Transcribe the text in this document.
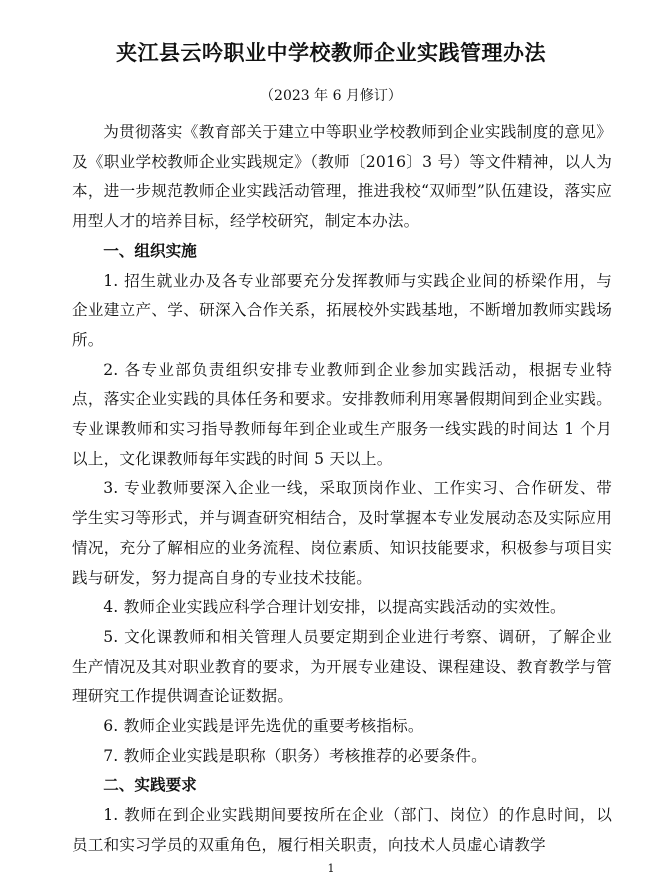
夹江县云吟职业中学校教师企业实践管理办法

（2023 年 6 月修订）

为贯彻落实《教育部关于建立中等职业学校教师到企业实践制度的意见》及《职业学校教师企业实践规定》（教师〔2016〕3 号）等文件精神，以人为本，进一步规范教师企业实践活动管理，推进我校“双师型”队伍建设，落实应用型人才的培养目标，经学校研究，制定本办法。

一、组织实施

1. 招生就业办及各专业部要充分发挥教师与实践企业间的桥梁作用，与企业建立产、学、研深入合作关系，拓展校外实践基地，不断增加教师实践场所。

2. 各专业部负责组织安排专业教师到企业参加实践活动，根据专业特点，落实企业实践的具体任务和要求。安排教师利用寒暑假期间到企业实践。专业课教师和实习指导教师每年到企业或生产服务一线实践的时间达 1 个月以上，文化课教师每年实践的时间 5 天以上。

3. 专业教师要深入企业一线，采取顶岗作业、工作实习、合作研发、带学生实习等形式，并与调查研究相结合，及时掌握本专业发展动态及实际应用情况，充分了解相应的业务流程、岗位素质、知识技能要求，积极参与项目实践与研发，努力提高自身的专业技术技能。

4. 教师企业实践应科学合理计划安排，以提高实践活动的实效性。

5. 文化课教师和相关管理人员要定期到企业进行考察、调研，了解企业生产情况及其对职业教育的要求，为开展专业建设、课程建设、教育教学与管理研究工作提供调查论证数据。

6. 教师企业实践是评先选优的重要考核指标。

7. 教师企业实践是职称（职务）考核推荐的必要条件。

二、实践要求

1. 教师在到企业实践期间要按所在企业（部门、岗位）的作息时间，以员工和实习学员的双重角色，履行相关职责，向技术人员虚心请教学

1
